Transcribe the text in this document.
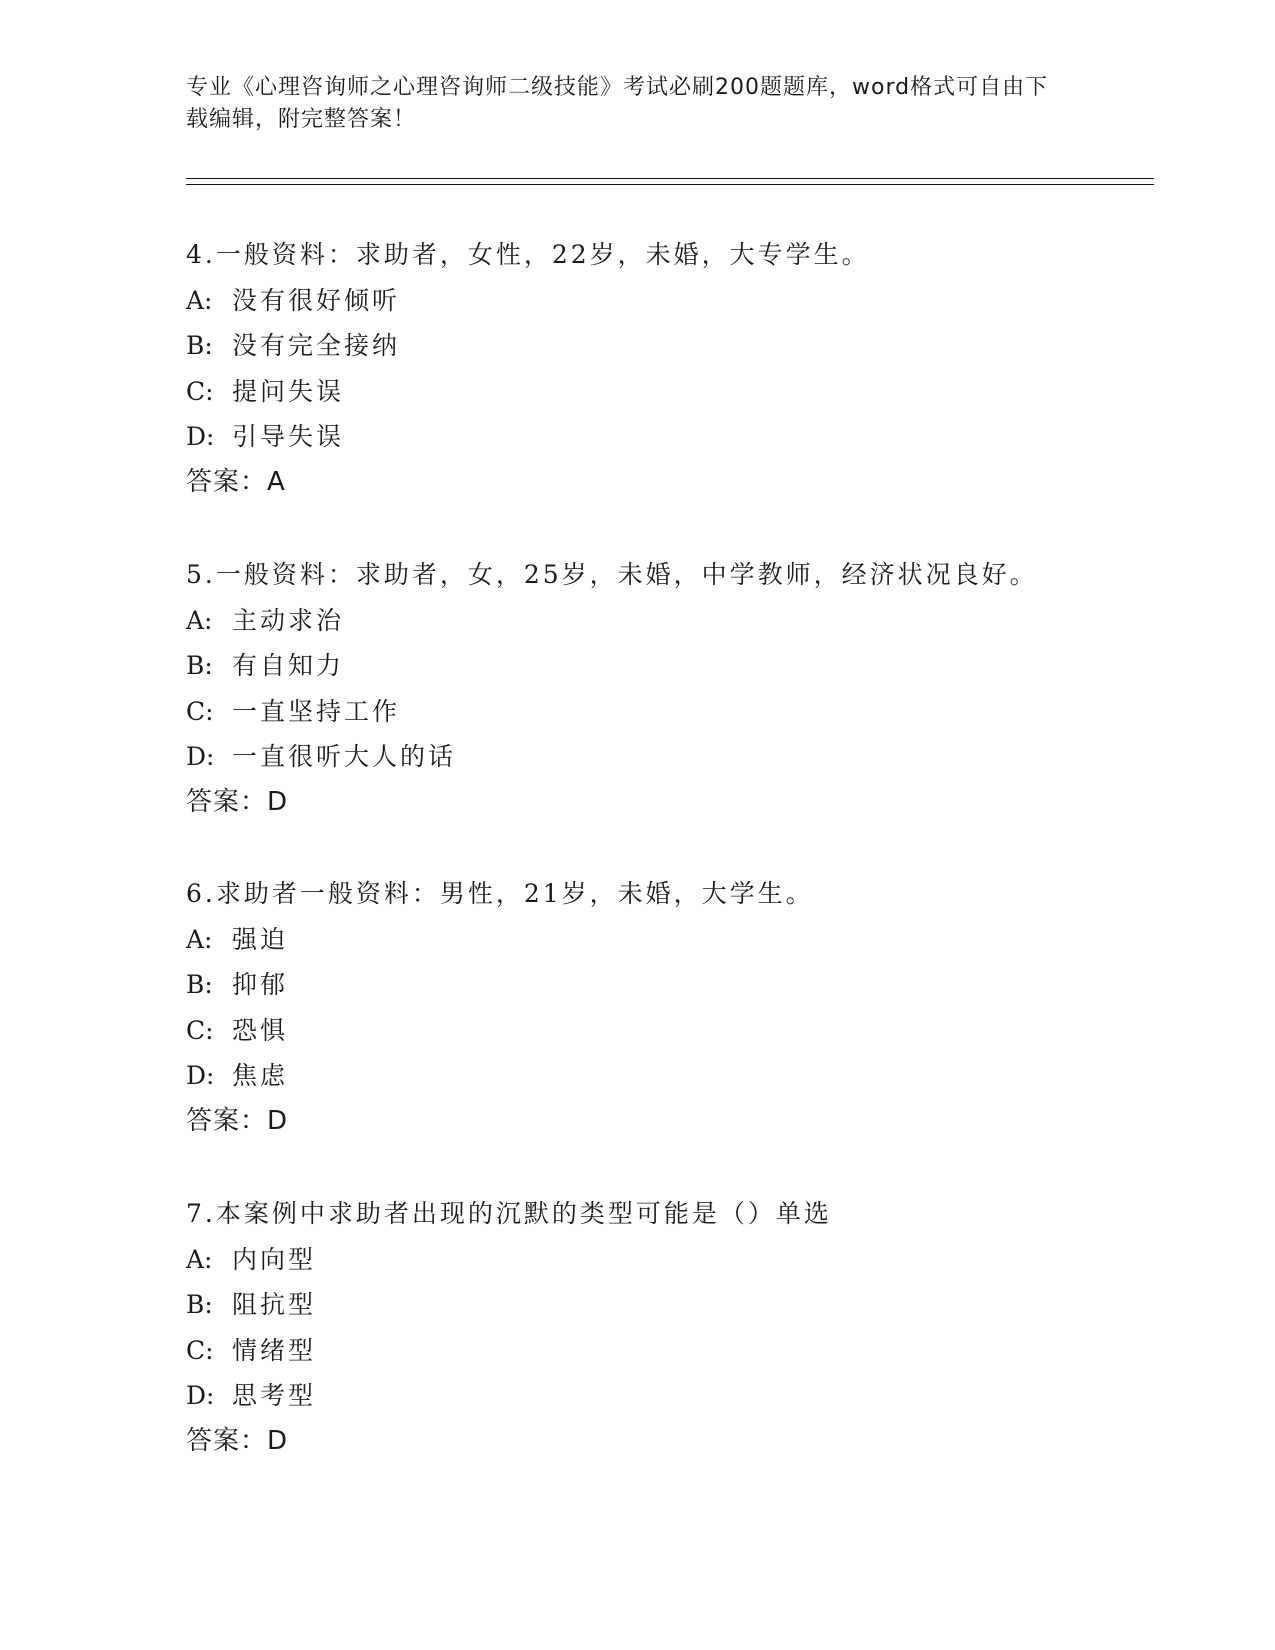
专业《心理咨询师之心理咨询师二级技能》考试必刷200题题库，word格式可自由下载编辑，附完整答案！
4.一般资料：求助者，女性，22岁，未婚，大专学生。
A: 没有很好倾听
B: 没有完全接纳
C: 提问失误
D: 引导失误
答案：A
5.一般资料：求助者，女，25岁，未婚，中学教师，经济状况良好。
A: 主动求治
B: 有自知力
C: 一直坚持工作
D: 一直很听大人的话
答案：D
6.求助者一般资料：男性，21岁，未婚，大学生。
A: 强迫
B: 抑郁
C: 恐惧
D: 焦虑
答案：D
7.本案例中求助者出现的沉默的类型可能是（）单选
A: 内向型
B: 阻抗型
C: 情绪型
D: 思考型
答案：D
